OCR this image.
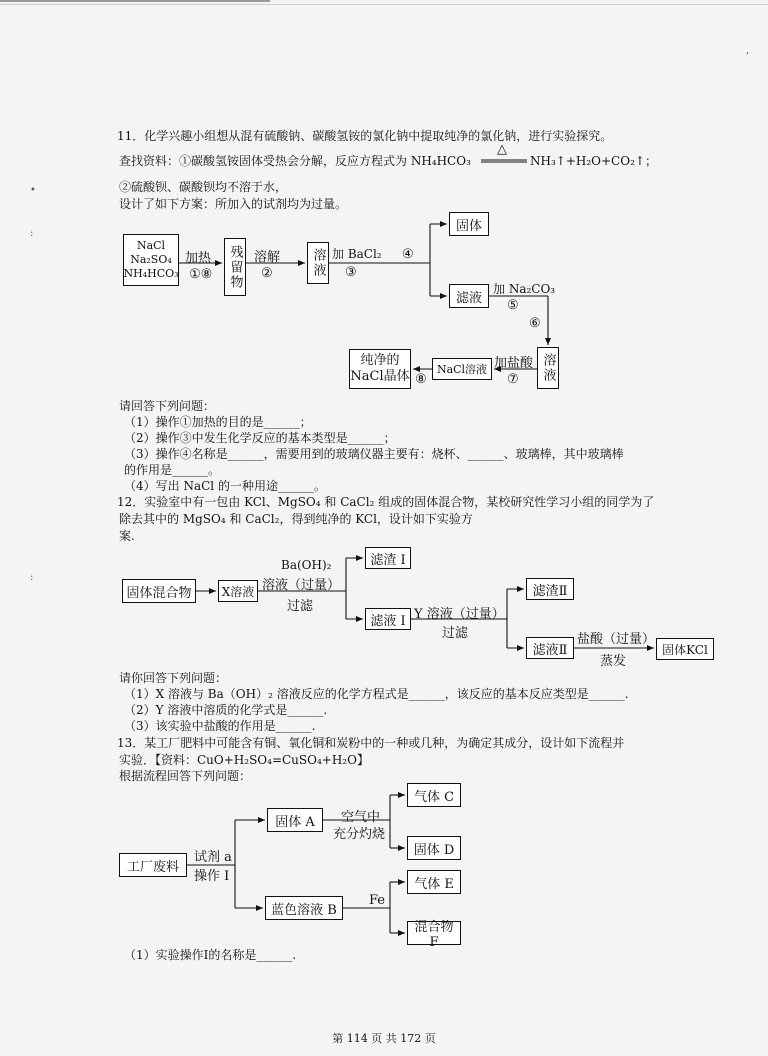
•
:
:
,
11．化学兴趣小组想从混有硫酸钠、碳酸氢铵的氯化钠中提取纯净的氯化钠，进行实验探究。
查找资料：①碳酸氢铵固体受热会分解，反应方程式为 NH₄HCO₃
△
NH₃↑+H₂O+CO₂↑；
②硫酸钡、碳酸钡均不溶于水，
设计了如下方案：所加入的试剂均为过量。
NaCl
Na₂SO₄
NH₄HCO₃	残留物	溶液
固体
滤液
溶液
NaCl溶液
纯净的
NaCl晶体
加热
①⑧
溶解
②
加 BaCl₂
③
④
加 Na₂CO₃
⑤
⑥
加盐酸
⑦
⑧
请回答下列问题：
（1）操作①加热的目的是______；
（2）操作③中发生化学反应的基本类型是______；
（3）操作④名称是______，需要用到的玻璃仪器主要有：烧杯、______、玻璃棒，其中玻璃棒
的作用是______。
（4）写出 NaCl 的一种用途______。
12．实验室中有一包由 KCl、MgSO₄ 和 CaCl₂ 组成的固体混合物，某校研究性学习小组的同学为了
除去其中的 MgSO₄ 和 CaCl₂，得到纯净的 KCl，设计如下实验方
案.
固体混合物	X溶液
滤渣 I
滤液 I
滤渣Ⅱ
滤液Ⅱ	固体KCl
Ba(OH)₂
溶液（过量）
过滤
Y 溶液（过量）
过滤	盐酸（过量）
蒸发
请你回答下列问题：
（1）X 溶液与 Ba（OH）₂ 溶液反应的化学方程式是______，该反应的基本反应类型是______.
（2）Y 溶液中溶质的化学式是______.
（3）该实验中盐酸的作用是______.
13．某工厂肥料中可能含有铜、氧化铜和炭粉中的一种或几种，为确定其成分，设计如下流程并
实验．【资料：CuO+H₂SO₄=CuSO₄+H₂O】
根据流程回答下列问题：
工厂废料
固体 A
气体 C
固体 D
蓝色溶液 B
气体 E
混合物 F
试剂 a
操作 I
空气中
充分灼烧
Fe
（1）实验操作Ⅰ的名称是______.
第 114 页 共 172 页
